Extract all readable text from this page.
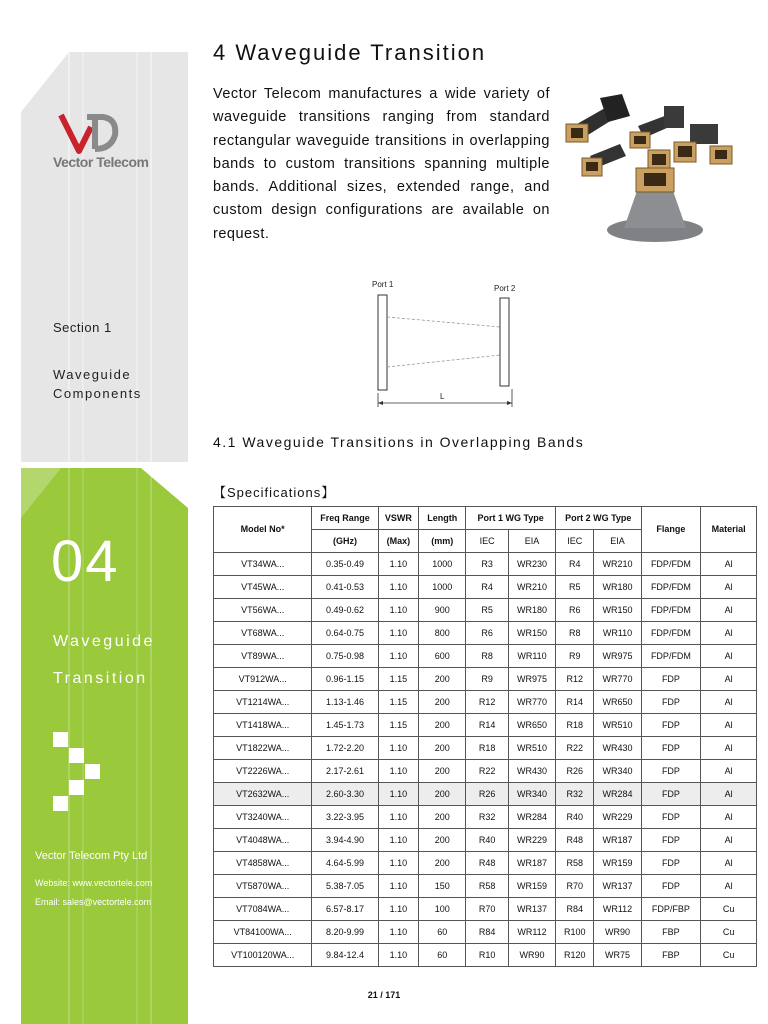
Vector Telecom
Section 1
Waveguide
Components
04
Waveguide
Transition
Vector Telecom Pty Ltd
Website: www.vectortele.com
Email: sales@vectortele.com
4 Waveguide Transition
Vector Telecom manufactures a wide variety of waveguide transitions ranging from standard rectangular waveguide transitions in overlapping bands to custom transitions spanning multiple bands. Additional sizes, extended range, and custom design configurations are available on request.
Port 1	Port 2
L
4.1 Waveguide Transitions in Overlapping Bands
【Specifications】
Model No*	Freq Range	VSWR	Length	Port 1 WG Type		Port 2 WG Type		Flange	Material
	(GHz)	(Max)	(mm)	IEC	EIA	IEC	EIA		
VT34WA...	0.35-0.49	1.10	1000	R3	WR230	R4	WR210	FDP/FDM	Al
VT45WA...	0.41-0.53	1.10	1000	R4	WR210	R5	WR180	FDP/FDM	Al
VT56WA...	0.49-0.62	1.10	900	R5	WR180	R6	WR150	FDP/FDM	Al
VT68WA...	0.64-0.75	1.10	800	R6	WR150	R8	WR110	FDP/FDM	Al
VT89WA...	0.75-0.98	1.10	600	R8	WR110	R9	WR975	FDP/FDM	Al
VT912WA...	0.96-1.15	1.15	200	R9	WR975	R12	WR770	FDP	Al
VT1214WA...	1.13-1.46	1.15	200	R12	WR770	R14	WR650	FDP	Al
VT1418WA...	1.45-1.73	1.15	200	R14	WR650	R18	WR510	FDP	Al
VT1822WA...	1.72-2.20	1.10	200	R18	WR510	R22	WR430	FDP	Al
VT2226WA...	2.17-2.61	1.10	200	R22	WR430	R26	WR340	FDP	Al
VT2632WA...	2.60-3.30	1.10	200	R26	WR340	R32	WR284	FDP	Al
VT3240WA...	3.22-3.95	1.10	200	R32	WR284	R40	WR229	FDP	Al
VT4048WA...	3.94-4.90	1.10	200	R40	WR229	R48	WR187	FDP	Al
VT4858WA...	4.64-5.99	1.10	200	R48	WR187	R58	WR159	FDP	Al
VT5870WA...	5.38-7.05	1.10	150	R58	WR159	R70	WR137	FDP	Al
VT7084WA...	6.57-8.17	1.10	100	R70	WR137	R84	WR112	FDP/FBP	Cu
VT84100WA...	8.20-9.99	1.10	60	R84	WR112	R100	WR90	FBP	Cu
VT100120WA...	9.84-12.4	1.10	60	R10	WR90	R120	WR75	FBP	Cu
21 / 171
